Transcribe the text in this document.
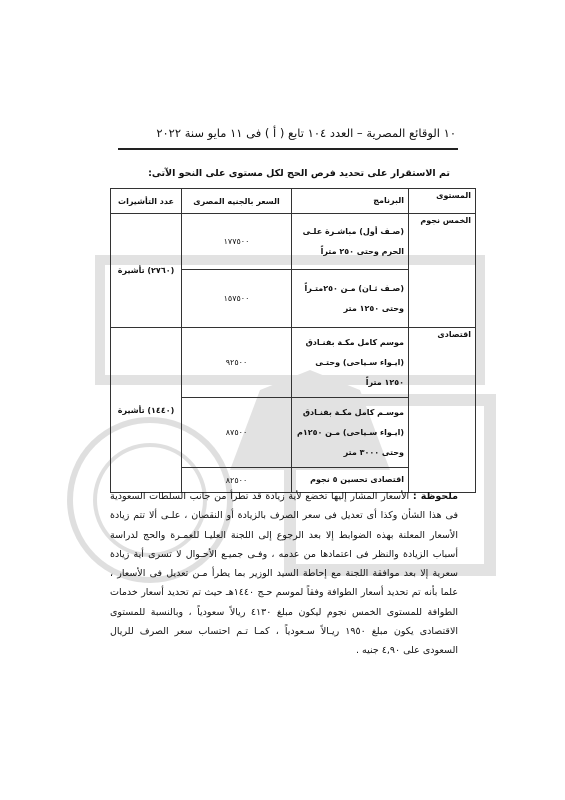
١٠ الوقائع المصرية – العدد ١٠٤ تابع ( أ ) فى ١١ مايو سنة ٢٠٢٢
تم الاستقرار على تحديد فرص الحج لكل مستوى على النحو الآتى:
المستوى	البرنامج	السعر بالجنيه المصرى	عدد التأشيرات
الخمس نجوم	(صـف أول) مباشـرة علـى الحرم وحتى ٢٥٠ متراً	١٧٧٥٠٠	(٢٧٦٠) تأشيرة
	(صـف ثـان) مـن ٢٥٠متـراً وحتى ١٢٥٠ متر	١٥٧٥٠٠	
اقتصادى	موسم كامل مكـة بفنـادق (ايـواء سـياحى) وحتـى ١٢٥٠ متراً	٩٢٥٠٠	(١٤٤٠) تأشيرة
	موسـم كامل مكـة بفنـادق (ايـواء سـياحى) مـن ١٢٥٠م وحتى ٣٠٠٠ متر	٨٧٥٠٠	
	اقتصادى تحسين ٥ نجوم	٨٢٥٠٠	
ملحوظة : الأسعار المشار إليها تخضع لأية زيادة قد تطرأ من جانب السلطات السعودية فى هذا الشأن وكذا أى تعديل فى سعر الصرف بالزيادة أو النقصان ، علـى ألا تتم زيادة الأسعار المعلنة بهذه الضوابط إلا بعد الرجوع إلى اللجنة العليـا للعمـرة والحج لدراسة أسباب الزيادة والنظر فى اعتمادها من عدمه ، وفـى جميـع الأحـوال لا تسرى أية زيادة سعرية إلا بعد موافقة اللجنة مع إحاطة السيد الوزير بما يطرأ مـن تعديل فى الأسعار ، علما بأنه تم تحديد أسعار الطوافة وفقاً لموسم حـج ١٤٤٠هـ حيث تم تحديد أسعار خدمات الطوافة للمستوى الخمس نجوم ليكون مبلغ ٤١٣٠ ريالاً سعودياً ، وبالنسبة للمستوى الاقتصادى يكون مبلغ ١٩٥٠ ريـالاً سـعودياً ، كمـا تـم احتساب سعر الصرف للريال السعودى على ٤,٩٠ جنيه .
